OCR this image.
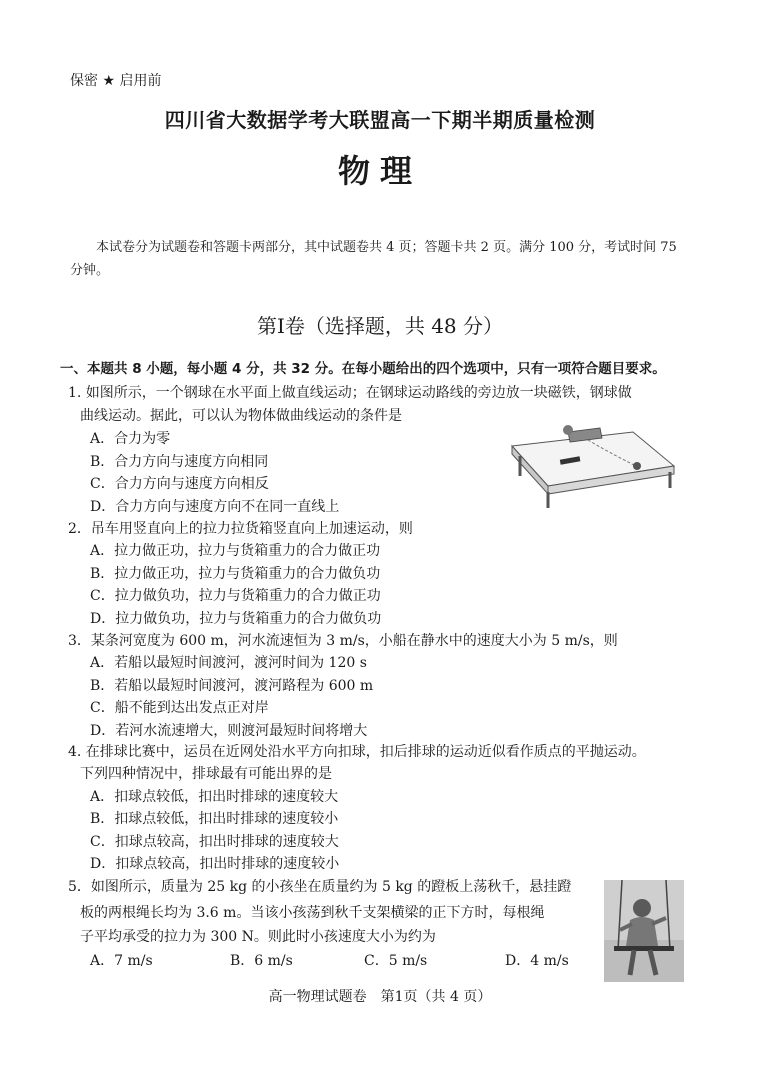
保密 ★ 启用前
四川省大数据学考大联盟高一下期半期质量检测
物理
本试卷分为试题卷和答题卡两部分，其中试题卷共 4 页；答题卡共 2 页。满分 100 分，考试时间 75 分钟。
第Ⅰ卷（选择题，共 48 分）
一、本题共 8 小题，每小题 4 分，共 32 分。在每小题给出的四个选项中，只有一项符合题目要求。
1. 如图所示，一个钢球在水平面上做直线运动；在钢球运动路线的旁边放一块磁铁，钢球做
曲线运动。据此，可以认为物体做曲线运动的条件是
A．合力为零
B．合力方向与速度方向相同
C．合力方向与速度方向相反
D．合力方向与速度方向不在同一直线上
2．吊车用竖直向上的拉力拉货箱竖直向上加速运动，则
A．拉力做正功，拉力与货箱重力的合力做正功
B．拉力做正功，拉力与货箱重力的合力做负功
C．拉力做负功，拉力与货箱重力的合力做正功
D．拉力做负功，拉力与货箱重力的合力做负功
3．某条河宽度为 600 m，河水流速恒为 3 m/s，小船在静水中的速度大小为 5 m/s，则
A．若船以最短时间渡河，渡河时间为 120 s
B．若船以最短时间渡河，渡河路程为 600 m
C．船不能到达出发点正对岸
D．若河水流速增大，则渡河最短时间将增大
4. 在排球比赛中，运员在近网处沿水平方向扣球，扣后排球的运动近似看作质点的平抛运动。
下列四种情况中，排球最有可能出界的是
A．扣球点较低，扣出时排球的速度较大
B．扣球点较低，扣出时排球的速度较小
C．扣球点较高，扣出时排球的速度较大
D．扣球点较高，扣出时排球的速度较小
5．如图所示，质量为 25 kg 的小孩坐在质量约为 5 kg 的蹬板上荡秋千，悬挂蹬
板的两根绳长均为 3.6 m。当该小孩荡到秋千支架横梁的正下方时，每根绳
子平均承受的拉力为 300 N。则此时小孩速度大小为约为
A．7 m/s	B．6 m/s	C．5 m/s	D．4 m/s
高一物理试题卷　第1页（共 4 页）
